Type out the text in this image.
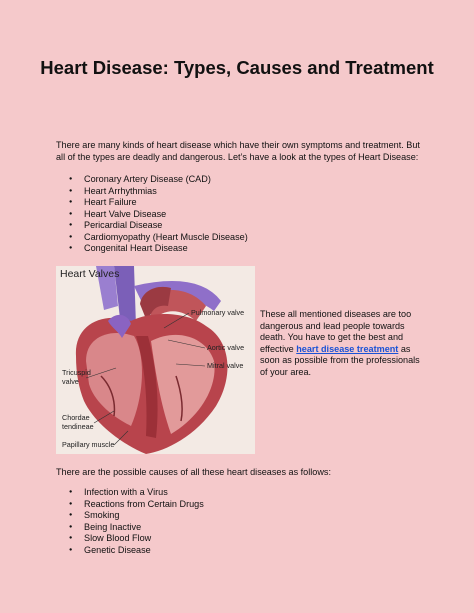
Heart Disease: Types, Causes and Treatment

There are many kinds of heart disease which have their own symptoms and treatment. But all of the types are deadly and dangerous. Let’s have a look at the types of Heart Disease:

● Coronary Artery Disease (CAD)
● Heart Arrhythmias
● Heart Failure
● Heart Valve Disease
● Pericardial Disease
● Cardiomyopathy (Heart Muscle Disease)
● Congenital Heart Disease
Heart Valves
Pulmonary valve
Aortic valve
Mitral valve
Tricuspid
valve
Chordae
tendineae
Papillary muscle

These all mentioned diseases are too dangerous and lead people towards death. You have to get the best and effective heart disease treatment as soon as possible from the professionals of your area.

There are the possible causes of all these heart diseases as follows:

● Infection with a Virus
● Reactions from Certain Drugs
● Smoking
● Being Inactive
● Slow Blood Flow
● Genetic Disease
